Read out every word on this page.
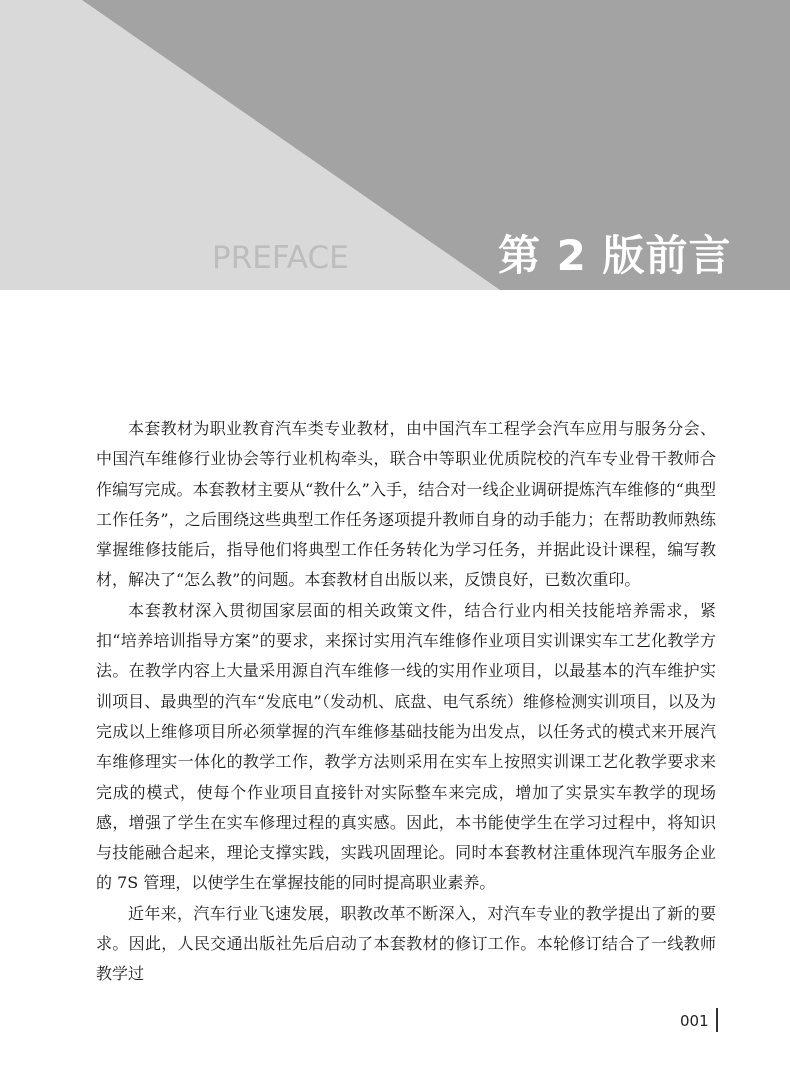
PREFACE	第 2 版前言

本套教材为职业教育汽车类专业教材，由中国汽车工程学会汽车应用与服务分会、中国汽车维修行业协会等行业机构牵头，联合中等职业优质院校的汽车专业骨干教师合作编写完成。本套教材主要从“教什么”入手，结合对一线企业调研提炼汽车维修的“典型工作任务”，之后围绕这些典型工作任务逐项提升教师自身的动手能力；在帮助教师熟练掌握维修技能后，指导他们将典型工作任务转化为学习任务，并据此设计课程，编写教材，解决了“怎么教”的问题。本套教材自出版以来，反馈良好，已数次重印。

本套教材深入贯彻国家层面的相关政策文件，结合行业内相关技能培养需求，紧扣“培养培训指导方案”的要求，来探讨实用汽车维修作业项目实训课实车工艺化教学方法。在教学内容上大量采用源自汽车维修一线的实用作业项目，以最基本的汽车维护实训项目、最典型的汽车“发底电”（发动机、底盘、电气系统）维修检测实训项目，以及为完成以上维修项目所必须掌握的汽车维修基础技能为出发点，以任务式的模式来开展汽车维修理实一体化的教学工作，教学方法则采用在实车上按照实训课工艺化教学要求来完成的模式，使每个作业项目直接针对实际整车来完成，增加了实景实车教学的现场感，增强了学生在实车修理过程的真实感。因此，本书能使学生在学习过程中，将知识与技能融合起来，理论支撑实践，实践巩固理论。同时本套教材注重体现汽车服务企业的 7S 管理，以使学生在掌握技能的同时提高职业素养。

近年来，汽车行业飞速发展，职教改革不断深入，对汽车专业的教学提出了新的要求。因此，人民交通出版社先后启动了本套教材的修订工作。本轮修订结合了一线教师教学过

001
